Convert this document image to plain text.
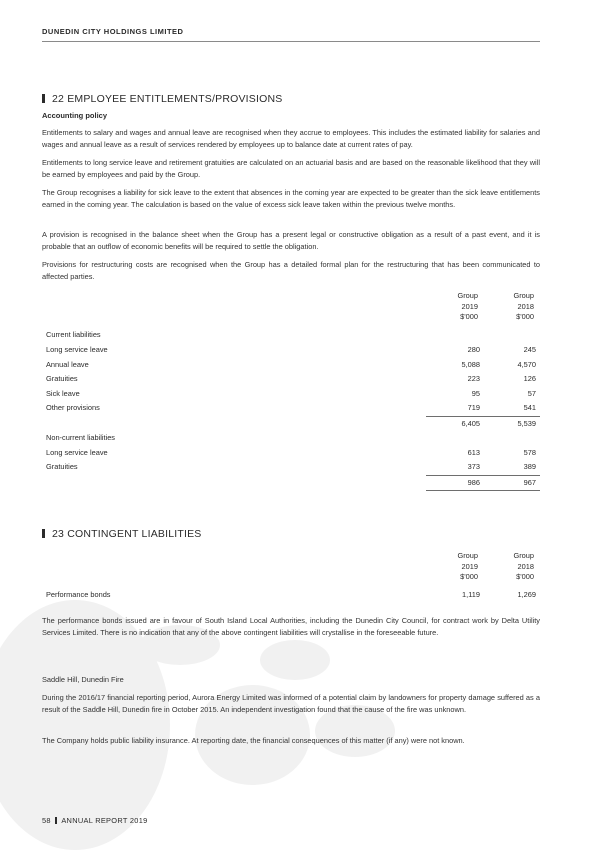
DUNEDIN CITY HOLDINGS LIMITED
22 EMPLOYEE ENTITLEMENTS/PROVISIONS
Accounting policy
Entitlements to salary and wages and annual leave are recognised when they accrue to employees. This includes the estimated liability for salaries and wages and annual leave as a result of services rendered by employees up to balance date at current rates of pay.
Entitlements to long service leave and retirement gratuities are calculated on an actuarial basis and are based on the reasonable likelihood that they will be earned by employees and paid by the Group.
The Group recognises a liability for sick leave to the extent that absences in the coming year are expected to be greater than the sick leave entitlements earned in the coming year. The calculation is based on the value of excess sick leave taken within the previous twelve months.
A provision is recognised in the balance sheet when the Group has a present legal or constructive obligation as a result of a past event, and it is probable that an outflow of economic benefits will be required to settle the obligation.
Provisions for restructuring costs are recognised when the Group has a detailed formal plan for the restructuring that has been communicated to affected parties.
Group
2019
$'000
Group
2018
$'000
Current liabilities
Long service leave	280	245
Annual leave	5,088	4,570
Gratuities	223	126
Sick leave	95	57
Other provisions	719	541
6,405	5,539
Non-current liabilities
Long service leave	613	578
Gratuities	373	389
986	967
23 CONTINGENT LIABILITIES
Group
2019
$'000
Group
2018
$'000
Performance bonds	1,119	1,269
The performance bonds issued are in favour of South Island Local Authorities, including the Dunedin City Council, for contract work by Delta Utility Services Limited. There is no indication that any of the above contingent liabilities will crystallise in the foreseeable future.
Saddle Hill, Dunedin Fire
During the 2016/17 financial reporting period, Aurora Energy Limited was informed of a potential claim by landowners for property damage suffered as a result of the Saddle Hill, Dunedin fire in October 2015. An independent investigation found that the cause of the fire was unknown.
The Company holds public liability insurance. At reporting date, the financial consequences of this matter (if any) were not known.
58 ANNUAL REPORT 2019
